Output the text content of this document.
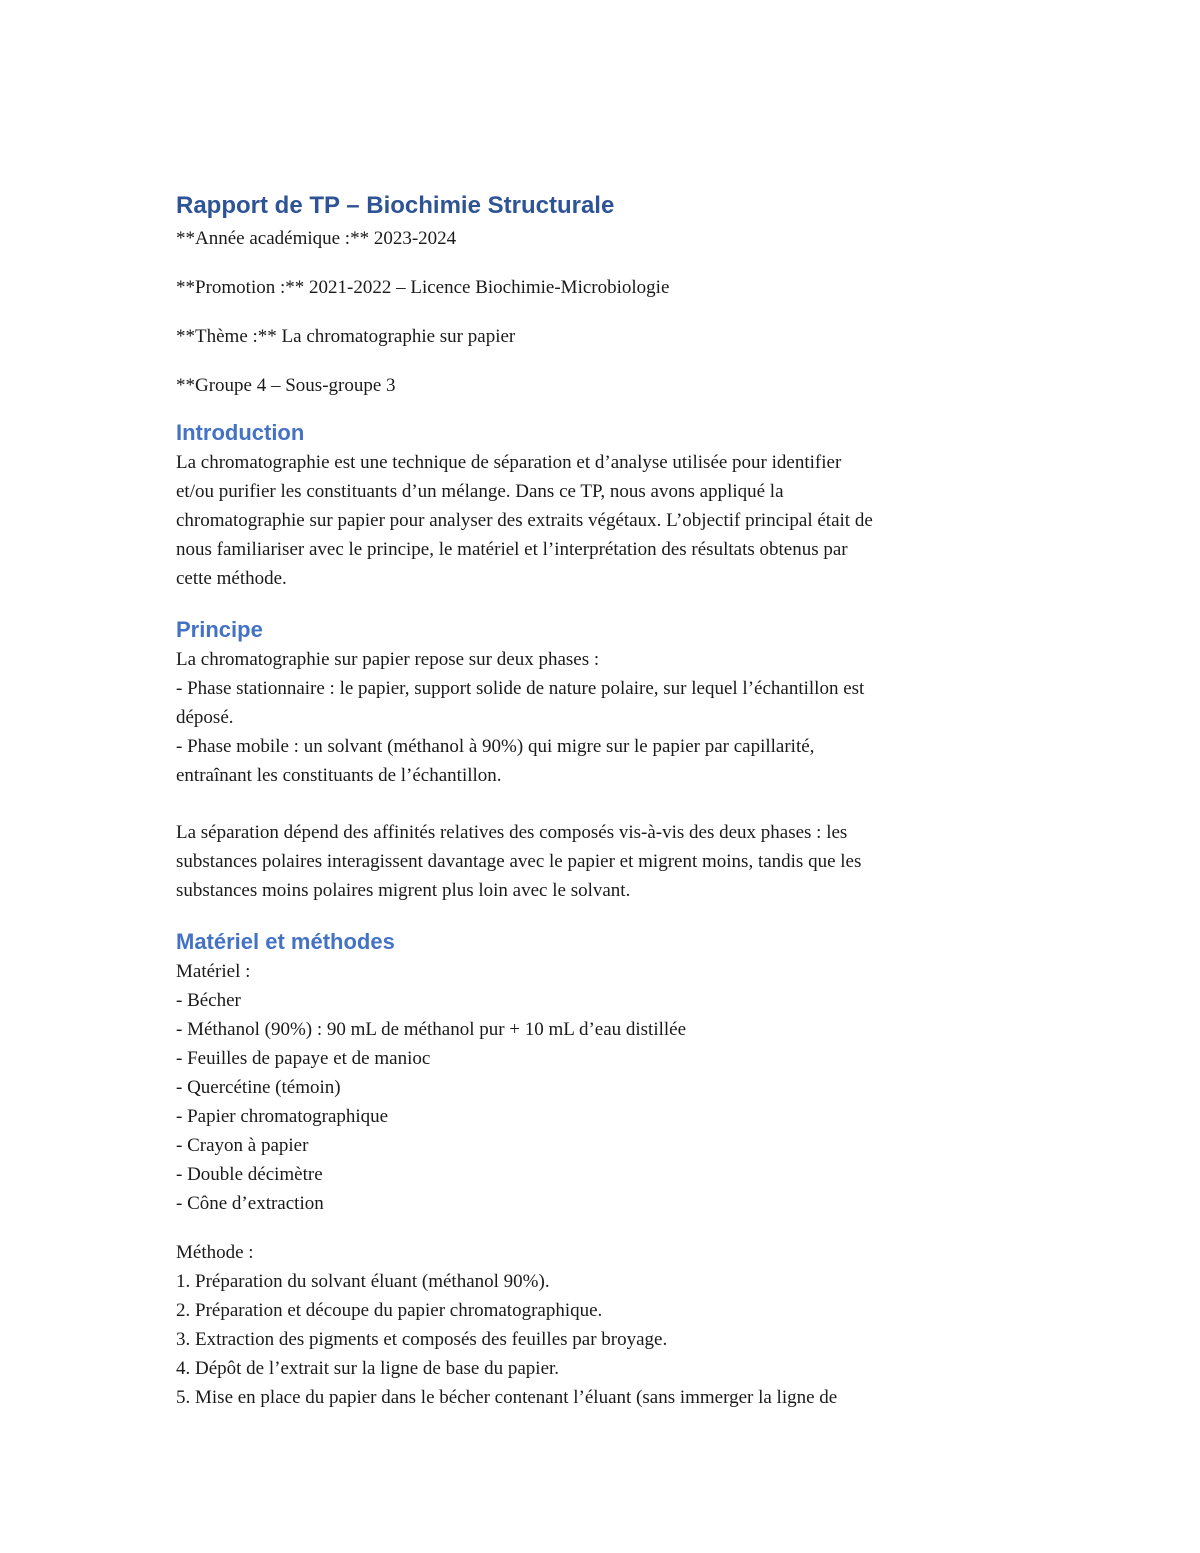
Rapport de TP – Biochimie Structurale

**Année académique :** 2023-2024

**Promotion :** 2021-2022 – Licence Biochimie-Microbiologie

**Thème :** La chromatographie sur papier

**Groupe 4 – Sous-groupe 3

Introduction

La chromatographie est une technique de séparation et d’analyse utilisée pour identifier
et/ou purifier les constituants d’un mélange. Dans ce TP, nous avons appliqué la
chromatographie sur papier pour analyser des extraits végétaux. L’objectif principal était de
nous familiariser avec le principe, le matériel et l’interprétation des résultats obtenus par
cette méthode.

Principe

La chromatographie sur papier repose sur deux phases :
- Phase stationnaire : le papier, support solide de nature polaire, sur lequel l’échantillon est
déposé.
- Phase mobile : un solvant (méthanol à 90%) qui migre sur le papier par capillarité,
entraînant les constituants de l’échantillon.

La séparation dépend des affinités relatives des composés vis-à-vis des deux phases : les
substances polaires interagissent davantage avec le papier et migrent moins, tandis que les
substances moins polaires migrent plus loin avec le solvant.

Matériel et méthodes

Matériel :
- Bécher
- Méthanol (90%) : 90 mL de méthanol pur + 10 mL d’eau distillée
- Feuilles de papaye et de manioc
- Quercétine (témoin)
- Papier chromatographique
- Crayon à papier
- Double décimètre
- Cône d’extraction

Méthode :
1. Préparation du solvant éluant (méthanol 90%).
2. Préparation et découpe du papier chromatographique.
3. Extraction des pigments et composés des feuilles par broyage.
4. Dépôt de l’extrait sur la ligne de base du papier.
5. Mise en place du papier dans le bécher contenant l’éluant (sans immerger la ligne de
